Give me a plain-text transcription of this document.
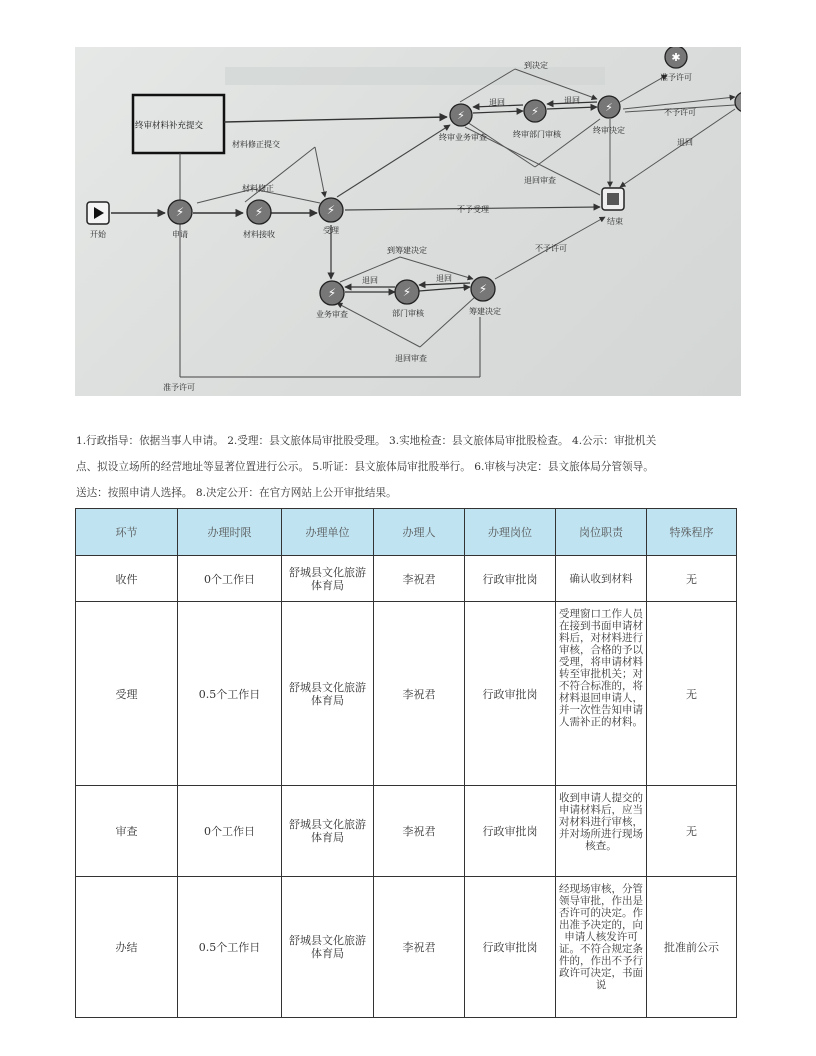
⚡	⚡	⚡
⚡	⚡	⚡
✱
⚡	⚡	⚡
终审材料补充提交
开始	申请	材料接收	受理
终审业务审查	终审部门审核	终审决定
准予许可
结束
业务审查	部门审核	筹建决定
材料修正提交
材料修正
到决定
退回	退回
不予许可
退回
退回审查
不予受理
到筹建决定
退回	退回
不予许可
退回审查
准予许可

1.行政指导：依据当事人申请。 2.受理：县文旅体局审批股受理。 3.实地检查：县文旅体局审批股检查。 4.公示：审批机关

点、拟设立场所的经营地址等显著位置进行公示。 5.听证：县文旅体局审批股举行。 6.审核与决定：县文旅体局分管领导。

送达：按照申请人选择。 8.决定公开：在官方网站上公开审批结果。

环节	办理时限	办理单位	办理人	办理岗位	岗位职责	特殊程序
收件	0个工作日	舒城县文化旅游体育局	李祝君	行政审批岗	确认收到材料	无
受理	0.5个工作日	舒城县文化旅游体育局	李祝君	行政审批岗	受理窗口工作人员在接到书面申请材料后，对材料进行审核，合格的予以受理，将申请材料转至审批机关；对不符合标准的，将材料退回申请人，并一次性告知申请人需补正的材料。	无
审查	0个工作日	舒城县文化旅游体育局	李祝君	行政审批岗	收到申请人提交的申请材料后，应当对材料进行审核，并对场所进行现场核查。	无
办结	0.5个工作日	舒城县文化旅游体育局	李祝君	行政审批岗	经现场审核，分管领导审批，作出是否许可的决定。作出准予决定的，向申请人核发许可证。不符合规定条件的，作出不予行政许可决定，书面说	批准前公示
